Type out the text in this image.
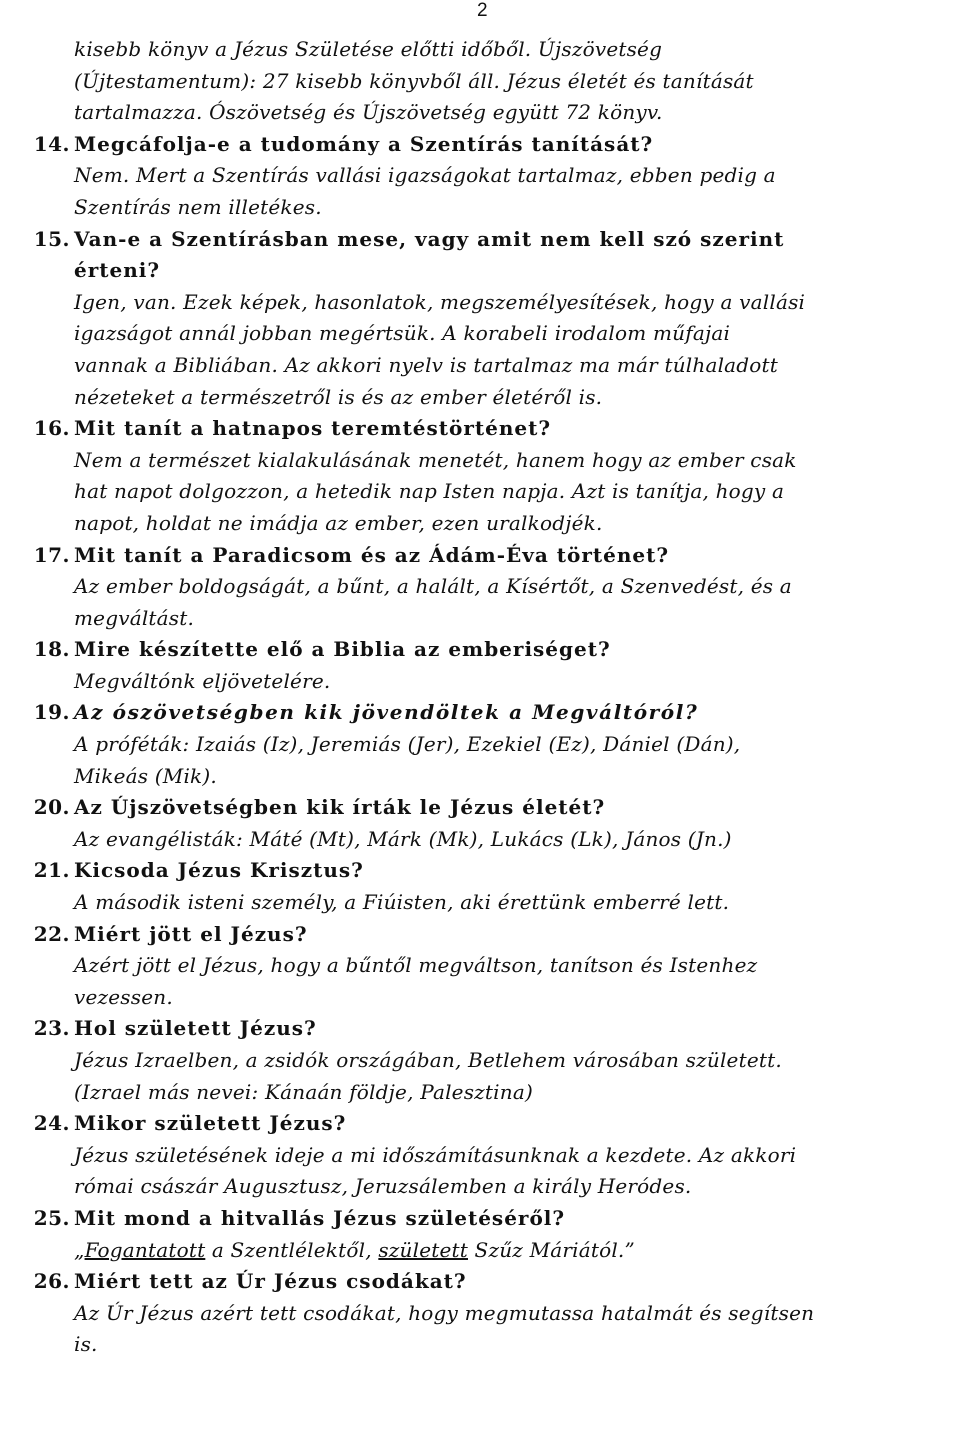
2
kisebb könyv a Jézus Születése előtti időből. Újszövetség
(Újtestamentum): 27 kisebb könyvből áll. Jézus életét és tanítását
tartalmazza. Ószövetség és Újszövetség együtt 72 könyv.
14. Megcáfolja-e a tudomány a Szentírás tanítását?
Nem. Mert a Szentírás vallási igazságokat tartalmaz, ebben pedig a
Szentírás nem illetékes.
15. Van-e a Szentírásban mese, vagy amit nem kell szó szerint
érteni?
Igen, van. Ezek képek, hasonlatok, megszemélyesítések, hogy a vallási
igazságot annál jobban megértsük. A korabeli irodalom műfajai
vannak a Bibliában. Az akkori nyelv is tartalmaz ma már túlhaladott
nézeteket a természetről is és az ember életéről is.
16. Mit tanít a hatnapos teremtéstörténet?
Nem a természet kialakulásának menetét, hanem hogy az ember csak
hat napot dolgozzon, a hetedik nap Isten napja. Azt is tanítja, hogy a
napot, holdat ne imádja az ember, ezen uralkodjék.
17. Mit tanít a Paradicsom és az Ádám-Éva történet?
Az ember boldogságát, a bűnt, a halált, a Kísértőt, a Szenvedést, és a
megváltást.
18. Mire készítette elő a Biblia az emberiséget?
Megváltónk eljövetelére.
19. Az ószövetségben kik jövendöltek a Megváltóról?
A próféták: Izaiás (Iz), Jeremiás (Jer), Ezekiel (Ez), Dániel (Dán),
Mikeás (Mik).
20. Az Újszövetségben kik írták le Jézus életét?
Az evangélisták: Máté (Mt), Márk (Mk), Lukács (Lk), János (Jn.)
21. Kicsoda Jézus Krisztus?
A második isteni személy, a Fiúisten, aki érettünk emberré lett.
22. Miért jött el Jézus?
Azért jött el Jézus, hogy a bűntől megváltson, tanítson és Istenhez
vezessen.
23. Hol született Jézus?
Jézus Izraelben, a zsidók országában, Betlehem városában született.
(Izrael más nevei: Kánaán földje, Palesztina)
24. Mikor született Jézus?
Jézus születésének ideje a mi időszámításunknak a kezdete. Az akkori
római császár Augusztusz, Jeruzsálemben a király Heródes.
25. Mit mond a hitvallás Jézus születéséről?
„Fogantatott a Szentlélektől, született Szűz Máriától.”
26. Miért tett az Úr Jézus csodákat?
Az Úr Jézus azért tett csodákat, hogy megmutassa hatalmát és segítsen
is.
